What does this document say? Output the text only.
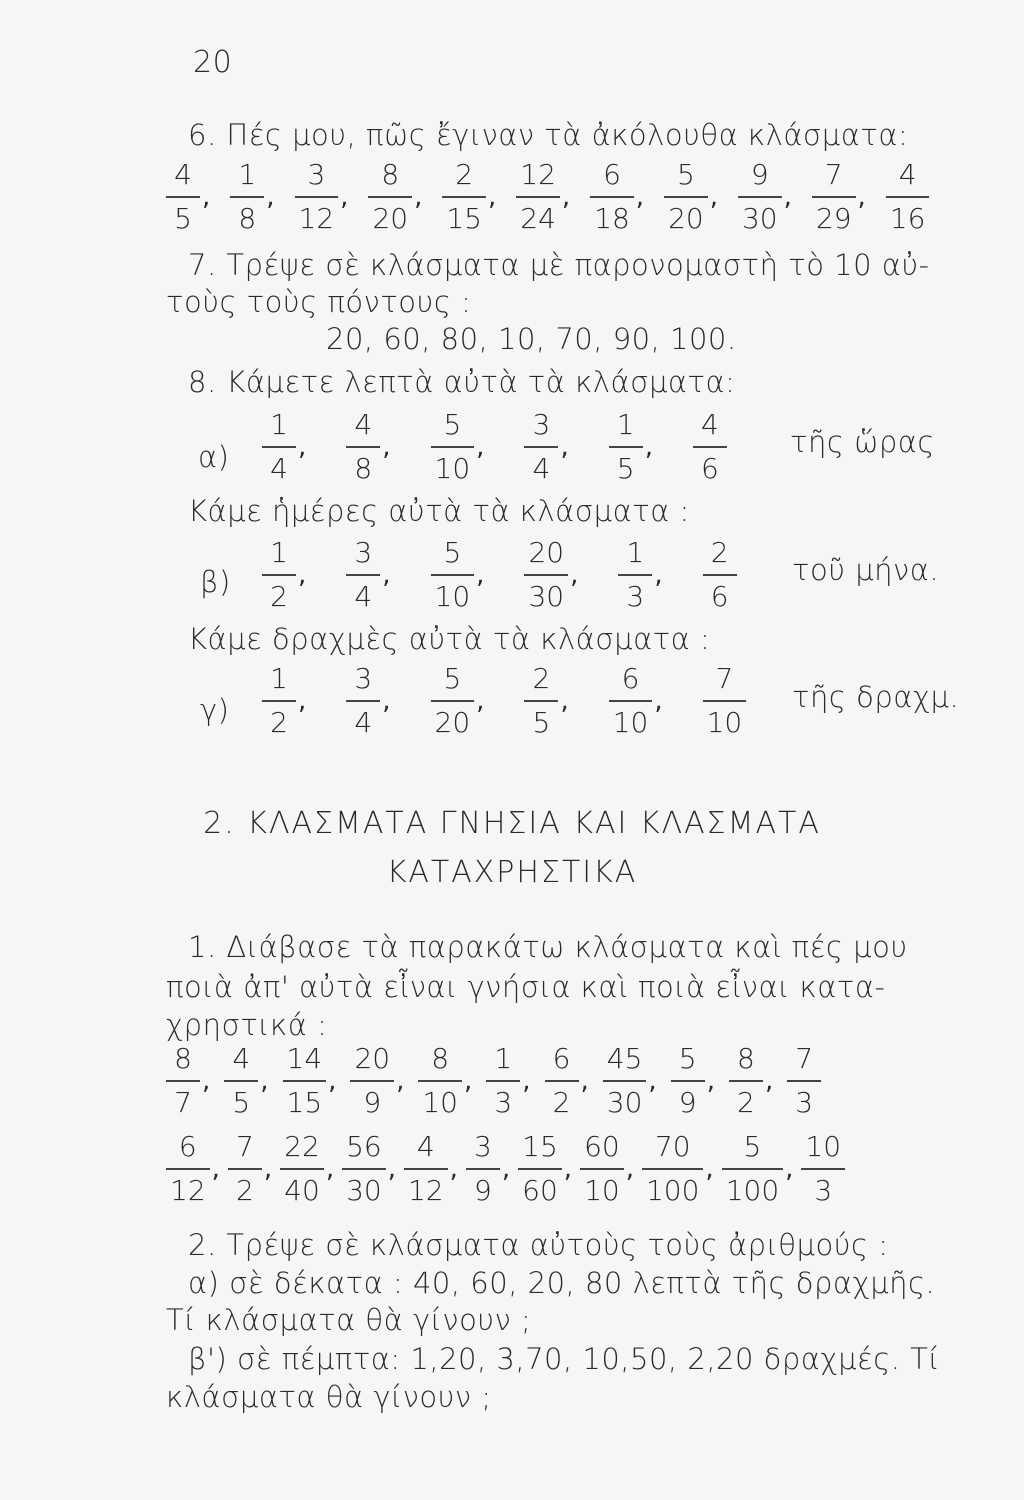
20
6. Πές μου, πῶς ἔγιναν τὰ ἀκόλουθα κλάσματα:
$\frac{4}{5}$ , $\frac{1}{8}$ , $\frac{3}{12}$ , $\frac{8}{20}$ , $\frac{2}{15}$ , $\frac{12}{24}$ , $\frac{6}{18}$ , $\frac{5}{20}$ , $\frac{9}{30}$ , $\frac{7}{29}$ , $\frac{4}{16}$
7. Τρέψε σὲ κλάσματα μὲ παρονομαστὴ τὸ 10 αὐ-
τοὺς τοὺς πόντους :
20, 60, 80, 10, 70, 90, 100.
8. Κάμετε λεπτὰ αὐτὰ τὰ κλάσματα:
$\alpha) \frac{1}{4}$ , $\frac{4}{8}$ , $\frac{5}{10}$ , $\frac{3}{4}$ , $\frac{1}{5}$ , $\frac{4}{6}$ τῆς ὥρας
Κάμε ἡμέρες αὐτὰ τὰ κλάσματα :
$\beta) \frac{1}{2}$ , $\frac{3}{4}$ , $\frac{5}{10}$ , $\frac{20}{30}$ , $\frac{1}{3}$ , $\frac{2}{6}$ τοῦ μήνα.
Κάμε δραχμὲς αὐτὰ τὰ κλάσματα :
$\gamma) \frac{1}{2}$ , $\frac{3}{4}$ , $\frac{5}{20}$ , $\frac{2}{5}$ , $\frac{6}{10}$ , $\frac{7}{10}$ τῆς δραχμ.
2. ΚΛΑΣΜΑΤΑ ΓΝΗΣΙΑ ΚΑΙ ΚΛΑΣΜΑΤΑ
ΚΑΤΑΧΡΗΣΤΙΚΑ
1. Διάβασε τὰ παρακάτω κλάσματα καὶ πές μου
ποιὰ ἀπ' αὐτὰ εἶναι γνήσια καὶ ποιὰ εἶναι κατα-
χρηστικά :
$\frac{8}{7}$ , $\frac{4}{5}$ , $\frac{14}{15}$ , $\frac{20}{9}$ , $\frac{8}{10}$ , $\frac{1}{3}$ , $\frac{6}{2}$ , $\frac{45}{30}$ , $\frac{5}{9}$ , $\frac{8}{2}$ , $\frac{7}{3}$
$\frac{6}{12}$ , $\frac{7}{2}$ , $\frac{22}{40}$ , $\frac{56}{30}$ , $\frac{4}{12}$ , $\frac{3}{9}$ , $\frac{15}{60}$ , $\frac{60}{10}$ , $\frac{70}{100}$ , $\frac{5}{100}$ , $\frac{10}{3}$
2. Τρέψε σὲ κλάσματα αὐτοὺς τοὺς ἀριθμούς :
α) σὲ δέκατα : 40, 60, 20, 80 λεπτὰ τῆς δραχμῆς.
Τί κλάσματα θὰ γίνουν ;
β') σὲ πέμπτα: 1,20, 3,70, 10,50, 2,20 δραχμές. Τί
κλάσματα θὰ γίνουν ;
